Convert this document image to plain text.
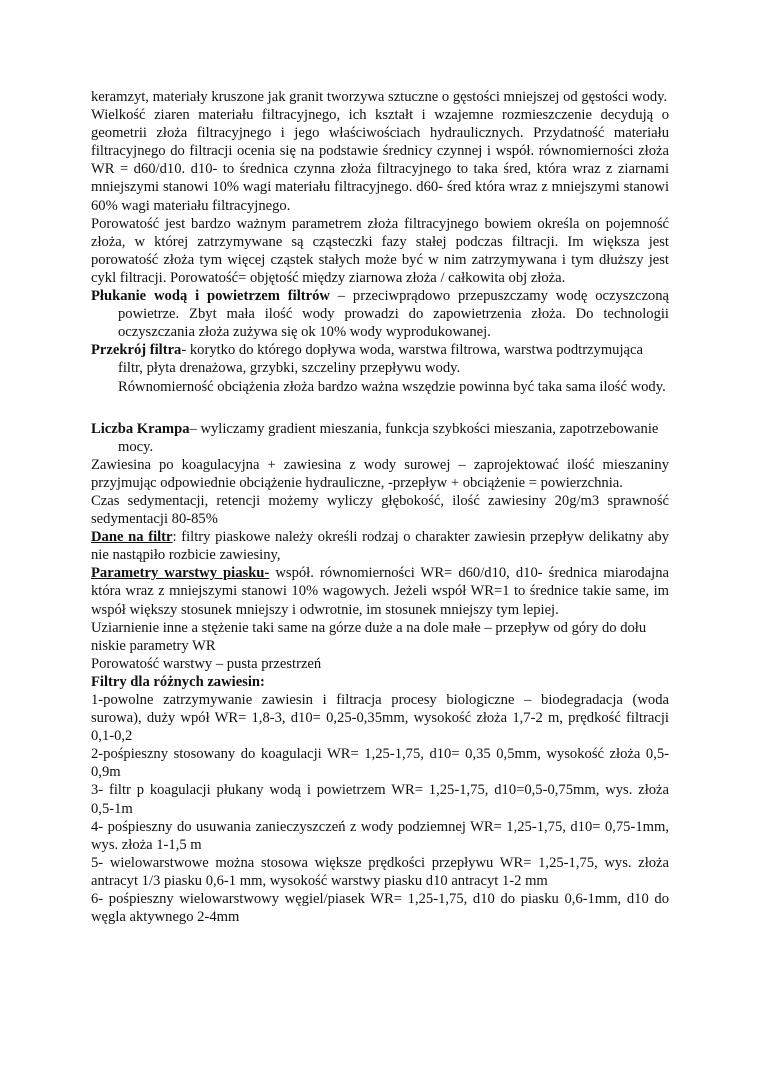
keramzyt, materiały kruszone jak granit tworzywa sztuczne o gęstości mniejszej od gęstości wody.

Wielkość ziaren materiału filtracyjnego, ich kształt i wzajemne rozmieszczenie decydują o geometrii złoża filtracyjnego i jego właściwościach hydraulicznych. Przydatność materiału filtracyjnego do filtracji ocenia się na podstawie średnicy czynnej i współ. równomierności złoża WR = d60/d10. d10- to średnica czynna złoża filtracyjnego to taka śred, która wraz z ziarnami mniejszymi stanowi 10% wagi materiału filtracyjnego. d60- śred która wraz z mniejszymi stanowi 60% wagi materiału filtracyjnego.

Porowatość jest bardzo ważnym parametrem złoża filtracyjnego bowiem określa on pojemność złoża, w której zatrzymywane są cząsteczki fazy stałej podczas filtracji. Im większa jest porowatość złoża tym więcej cząstek stałych może być w nim zatrzymywana i tym dłuższy jest cykl filtracji. Porowatość= objętość między ziarnowa złoża / całkowita obj złoża.

Płukanie wodą i powietrzem filtrów – przeciwprądowo przepuszczamy wodę oczyszczoną powietrze. Zbyt mała ilość wody prowadzi do zapowietrzenia złoża. Do technologii oczyszczania złoża zużywa się ok 10% wody wyprodukowanej.

Przekrój filtra- korytko do którego dopływa woda, warstwa filtrowa, warstwa podtrzymująca filtr, płyta drenażowa, grzybki, szczeliny przepływu wody.

Równomierność obciążenia złoża bardzo ważna wszędzie powinna być taka sama ilość wody.

Liczba Krampa– wyliczamy gradient mieszania, funkcja szybkości mieszania, zapotrzebowanie mocy.

Zawiesina po koagulacyjna + zawiesina z wody surowej – zaprojektować ilość mieszaniny przyjmując odpowiednie obciążenie hydrauliczne, -przepływ + obciążenie = powierzchnia.

Czas sedymentacji, retencji możemy wyliczy głębokość, ilość zawiesiny 20g/m3 sprawność sedymentacji 80-85%

Dane na filtr: filtry piaskowe należy określi rodzaj o charakter zawiesin przepływ delikatny aby nie nastąpiło rozbicie zawiesiny,

Parametry warstwy piasku- współ. równomierności WR= d60/d10, d10- średnica miarodajna która wraz z mniejszymi stanowi 10% wagowych. Jeżeli współ WR=1 to średnice takie same, im współ większy stosunek mniejszy i odwrotnie, im stosunek mniejszy tym lepiej.

Uziarnienie inne a stężenie taki same na górze duże a na dole małe – przepływ od góry do dołu niskie parametry WR

Porowatość warstwy – pusta przestrzeń

Filtry dla różnych zawiesin:

1-powolne zatrzymywanie zawiesin i filtracja procesy biologiczne – biodegradacja (woda surowa), duży wpół WR= 1,8-3, d10= 0,25-0,35mm, wysokość złoża 1,7-2 m, prędkość filtracji 0,1-0,2

2-pośpieszny stosowany do koagulacji WR= 1,25-1,75, d10= 0,35 0,5mm, wysokość złoża 0,5-0,9m

3- filtr p koagulacji płukany wodą i powietrzem WR= 1,25-1,75, d10=0,5-0,75mm, wys. złoża 0,5-1m

4- pośpieszny do usuwania zanieczyszczeń z wody podziemnej WR= 1,25-1,75, d10= 0,75-1mm, wys. złoża 1-1,5 m

5- wielowarstwowe można stosowa większe prędkości przepływu WR= 1,25-1,75, wys. złoża antracyt 1/3 piasku 0,6-1 mm, wysokość warstwy piasku d10 antracyt 1-2 mm

6- pośpieszny wielowarstwowy węgiel/piasek WR= 1,25-1,75, d10 do piasku 0,6-1mm, d10 do węgla aktywnego 2-4mm
